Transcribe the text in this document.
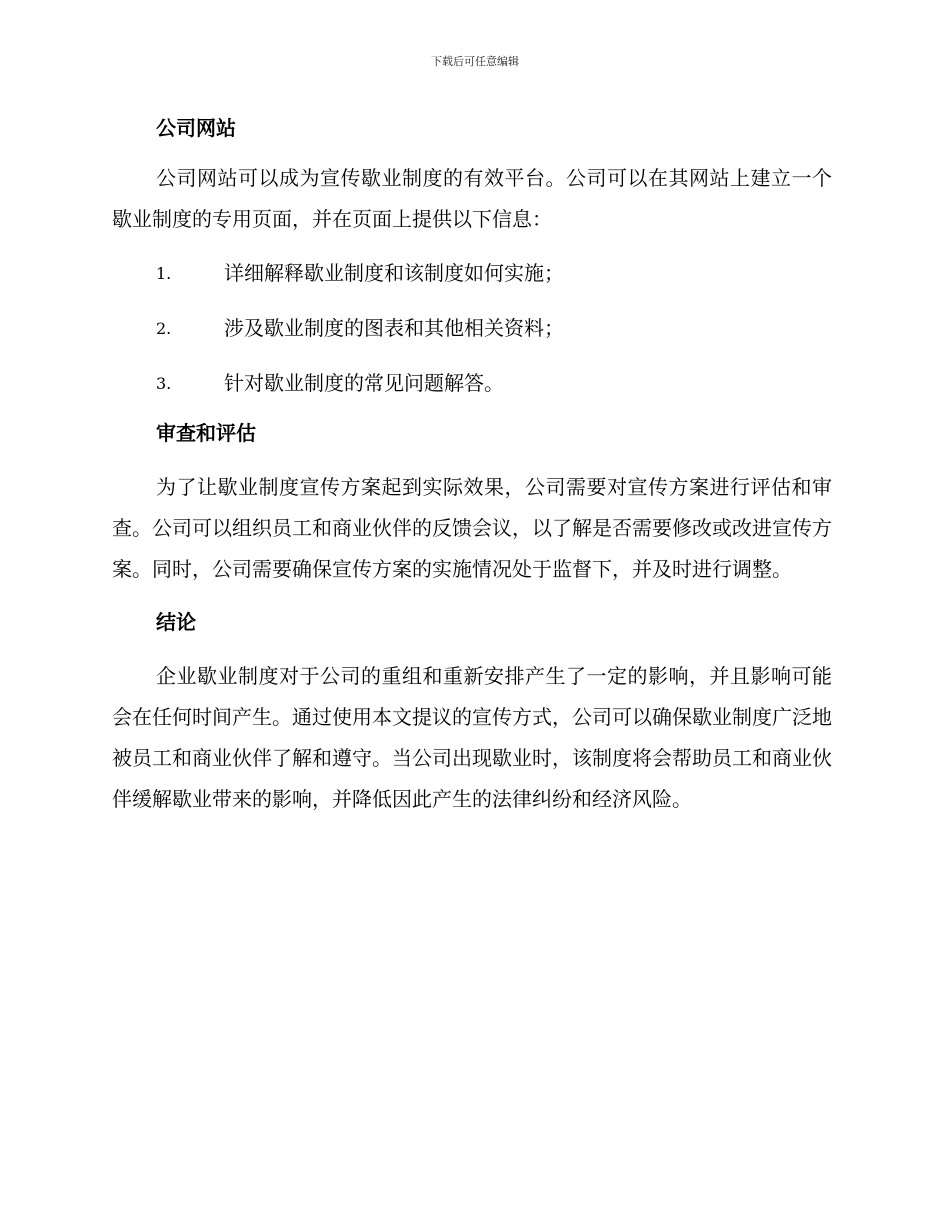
下载后可任意编辑
公司网站

公司网站可以成为宣传歇业制度的有效平台。公司可以在其网站上建立一个歇业制度的专用页面，并在页面上提供以下信息：

1.	详细解释歇业制度和该制度如何实施；
2.	涉及歇业制度的图表和其他相关资料；
3.	针对歇业制度的常见问题解答。
审查和评估

为了让歇业制度宣传方案起到实际效果，公司需要对宣传方案进行评估和审查。公司可以组织员工和商业伙伴的反馈会议，以了解是否需要修改或改进宣传方案。同时，公司需要确保宣传方案的实施情况处于监督下，并及时进行调整。

结论

企业歇业制度对于公司的重组和重新安排产生了一定的影响，并且影响可能会在任何时间产生。通过使用本文提议的宣传方式，公司可以确保歇业制度广泛地被员工和商业伙伴了解和遵守。当公司出现歇业时，该制度将会帮助员工和商业伙伴缓解歇业带来的影响，并降低因此产生的法律纠纷和经济风险。
